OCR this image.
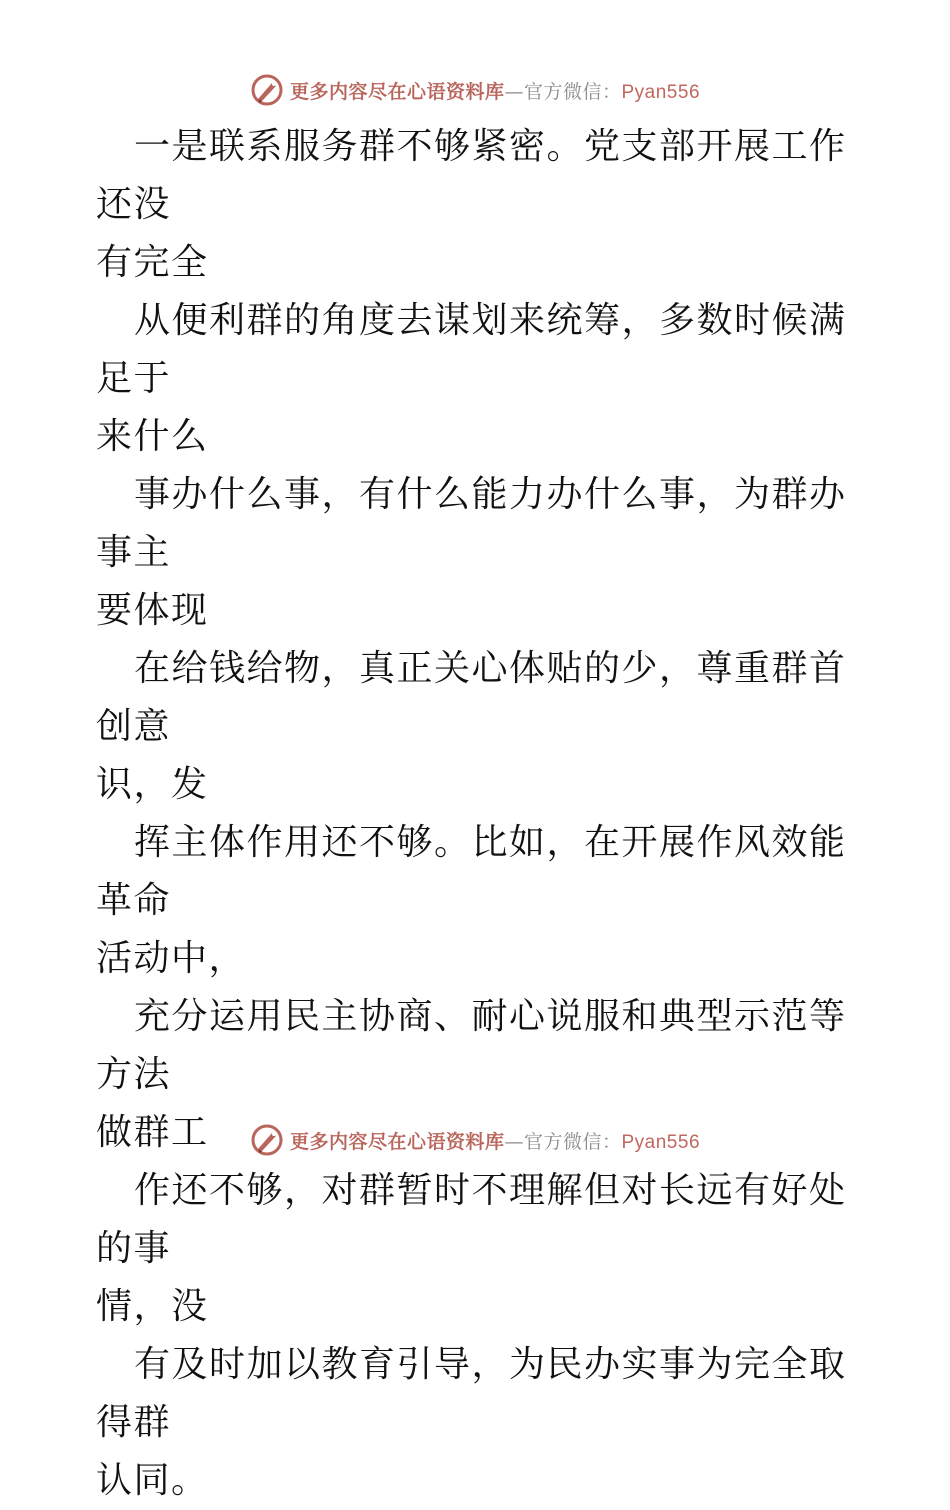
更多内容尽在心语资料库—官方微信：Pyan556

一是联系服务群不够紧密。党支部开展工作还没
有完全

从便利群的角度去谋划来统筹，多数时候满足于
来什么

事办什么事，有什么能力办什么事，为群办事主
要体现

在给钱给物，真正关心体贴的少，尊重群首创意
识，发

挥主体作用还不够。比如，在开展作风效能革命
活动中，

充分运用民主协商、耐心说服和典型示范等方法
做群工

作还不够，对群暂时不理解但对长远有好处的事
情，没

有及时加以教育引导，为民办实事为完全取得群
认同。

更多内容尽在心语资料库—官方微信：Pyan556
